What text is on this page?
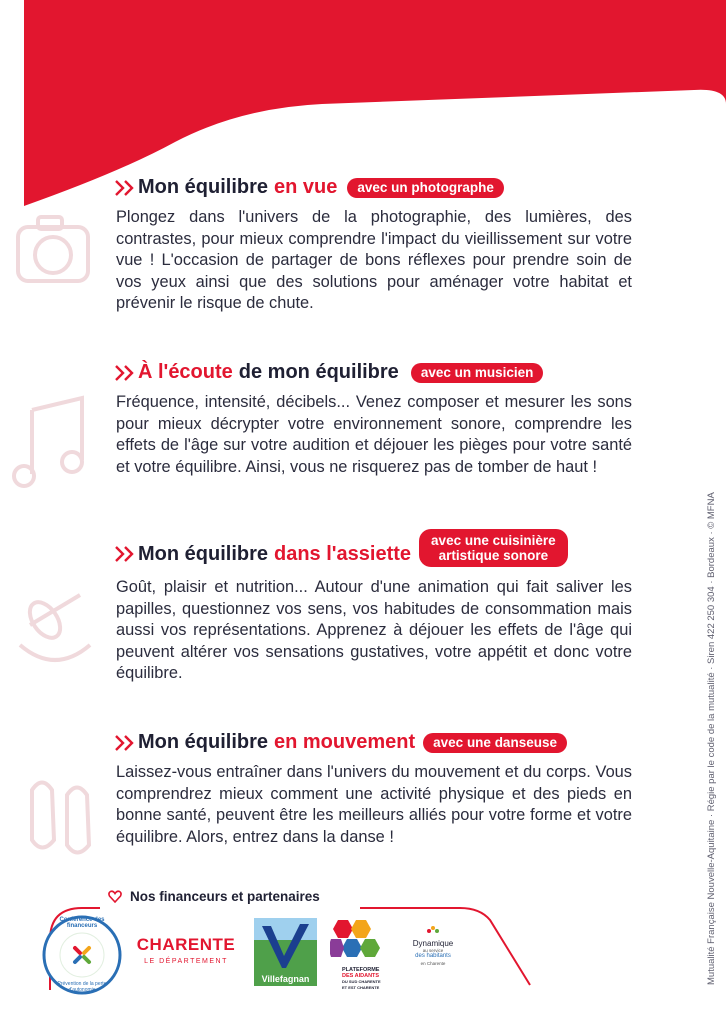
Mon équilibre en vue	avec un photographe
Plongez dans l'univers de la photographie, des lumières, des contrastes, pour mieux comprendre l'impact du vieillissement sur votre vue ! L'occasion de partager de bons réflexes pour prendre soin de vos yeux ainsi que des solutions pour aménager votre habitat et prévenir le risque de chute.
À l'écoute de mon équilibre	avec un musicien
Fréquence, intensité, décibels... Venez composer et mesurer les sons pour mieux décrypter votre environnement sonore, comprendre les effets de l'âge sur votre audition et déjouer les pièges pour votre santé et votre équilibre. Ainsi, vous ne risquerez pas de tomber de haut !
Mon équilibre dans l'assiette
avec une cuisinière
artistique sonore
Goût, plaisir et nutrition... Autour d'une animation qui fait saliver les papilles, questionnez vos sens, vos habitudes de consommation mais aussi vos représentations. Apprenez à déjouer les effets de l'âge qui peuvent altérer vos sensations gustatives, votre appétit et donc votre équilibre.
Mon équilibre en mouvement	avec une danseuse
Laissez-vous entraîner dans l'univers du mouvement et du corps. Vous comprendrez mieux comment une activité physique et des pieds en bonne santé, peuvent être les meilleurs alliés pour votre forme et votre équilibre. Alors, entrez dans la danse !
Nos financeurs et partenaires
Conférence des financeurs
Prévention de la perte d'autonomie
CHARENTE
LE DÉPARTEMENT
Villefagnan
PLATEFORME
DES AIDANTS
DU SUD CHARENTE
ET EST CHARENTE
Dynamique
au service
des habitants
en Charente	Mutualité Française Nouvelle-Aquitaine · Régie par le code de la mutualité · Siren 422 250 304 · Bordeaux · © MFNA
